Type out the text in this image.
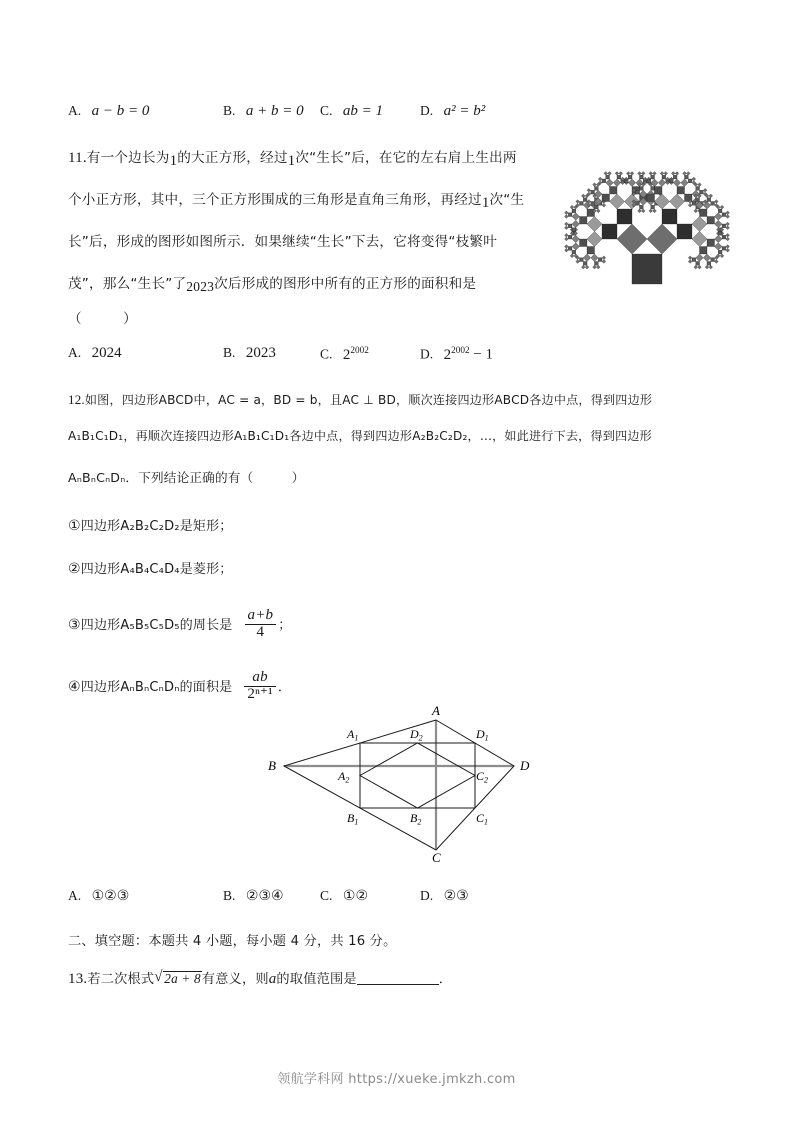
A. a − b = 0	B. a + b = 0 C. ab = 1	D. a² = b²
11.有一个边长为1的大正方形，经过1次“生长”后，在它的左右肩上生出两
个小正方形，其中，三个正方形围成的三角形是直角三角形，再经过1次“生
长”后，形成的图形如图所示．如果继续“生长”下去，它将变得“枝繁叶
茂”，那么“生长”了2023次后形成的图形中所有的正方形的面积和是
（　　　）
A. 2024	B. 2023	C. $2^{2002}$	D. $2^{2002} - 1$
12.如图，四边形ABCD中，AC = a，BD = b，且AC ⊥ BD，顺次连接四边形ABCD各边中点，得到四边形
A₁B₁C₁D₁，再顺次连接四边形A₁B₁C₁D₁各边中点，得到四边形A₂B₂C₂D₂，…，如此进行下去，得到四边形
AₙBₙCₙDₙ．下列结论正确的有（　　　）
①四边形A₂B₂C₂D₂是矩形；
②四边形A₄B₄C₄D₄是菱形；
③四边形A₅B₅C₅D₅的周长是 $\frac{a+b}{4}$ ；
④四边形AₙBₙCₙDₙ的面积是 $\frac{ab}{\text{2ⁿ⁺¹}}$ ．
A
B
C
D
$A_1$
$B_1$	$C_1$
$D_1$
$A_2$
$B_2$
$C_2$
$D_2$
A. ①②③	B. ②③④	C. ①②	D. ②③
二、填空题：本题共 4 小题，每小题 4 分，共 16 分。
13.若二次根式 √ 2a + 8有意义，则a的取值范围是	．
领航学科网 https://xueke.jmkzh.com
